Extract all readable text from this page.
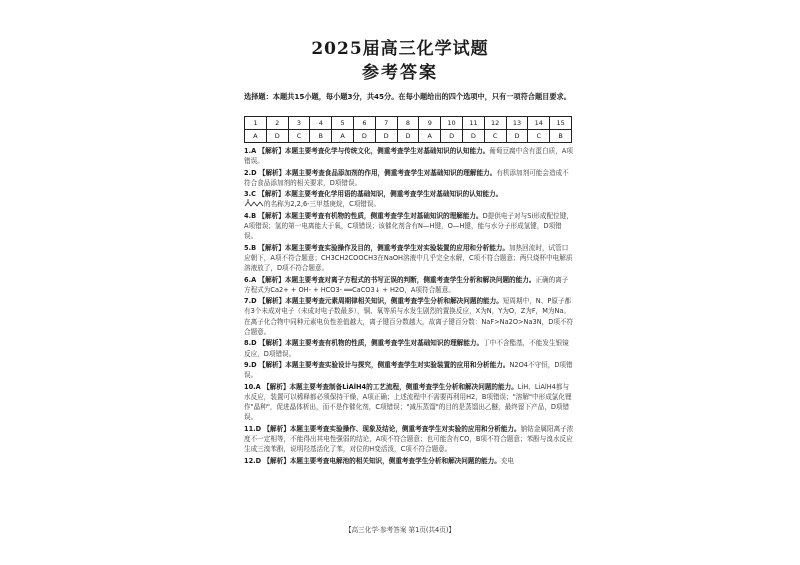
2025届高三化学试题
参考答案
选择题：本题共15小题，每小题3分，共45分。在每小题给出的四个选项中，只有一项符合题目要求。
1	2	3	4	5	6	7	8	9	10	11	12	13	14	15
A	D	C	B	A	D	D	D	A	D	D	C	D	C	B
1.A 【解析】本题主要考查化学与传统文化，侧重考查学生对基础知识的认知能力。葡萄豆腐中含有蛋白质，A项错误。
2.D 【解析】本题主要考查食品添加剂的作用，侧重考查学生对基础知识的理解能力。有机添加剂可能会造成不符合食品添加剂的相关要求，D项错误。
3.C 【解析】本题主要考查化学用语的基础知识，侧重考查学生对基础知识的认知能力。
的名称为2,2,6-三甲基庚烷，C项错误。
4.B 【解析】本题主要考查有机物的性质，侧重考查学生对基础知识的理解能力。D提供电子对与Si形成配位键，A项错误；氢的第一电离能大于氧，C项错误；该催化剂含有N—H键，O—H键，能与水分子形成氢键，D项错误。
5.B 【解析】本题主要考查实验操作及目的，侧重考查学生对实验装置的应用和分析能力。加热回流时，试管口应朝下，A项不符合题意；CH3CH2COOCH3在NaOH溶液中几乎完全水解，C项不符合题意；两只烧杯中电解质溶液放了，D项不符合题意。
6.A 【解析】本题主要考查对离子方程式的书写正误的判断，侧重考查学生分析和解决问题的能力。正确的离子方程式为Ca2+ + OH- + HCO3- ══CaCO3↓ + H2O，A项符合题意。
7.D 【解析】本题主要考查元素周期律相关知识，侧重考查学生分析和解决问题的能力。短周期中，N、P原子都有3个未成对电子（未成对电子数最多），铜、氧等质与水发生剧烈的置换反应，X为N，Y为O，Z为F，M为Na。在离子化合物中同种元素电负性差值越大，离子键百分数越大，故离子键百分数：NaF>Na2O>Na3N，D项不符合题意。
8.D 【解析】本题主要考查有机物的性质，侧重考查学生对基础知识的理解能力。丁中不含酯基，不能发生银镜反应，D项错误。
9.D 【解析】本题主要考查实验设计与探究，侧重考查学生对实验装置的应用和分析能力。N2O4不守恒，D项错误。
10.A 【解析】本题主要考查制备LiAlH4的工艺流程，侧重考查学生分析和解决问题的能力。LiH、LiAlH4都与水反应，装置可以稀释都必须保持干燥，A项正确；上述流程中不需要再利用H2，B项错误；"溶解"中形成氯化锂作"晶种"，促进晶体析出，而不是作催化剂，C项错误；"减压蒸馏"的目的是蒸馏出乙醚，最终留下产品，D项错误。
11.D 【解析】本题主要考查实验操作、现象及结论，侧重考查学生对实验的应用和分析能力。钠钴金属阳离子浓度不一定相等，不能得出其电性强弱的结论，A项不符合题意；也可能含有CO，B项不符合题意；苯酚与溴水反应生成三溴苯酚，说明羟基活化了苯，对位的H变活泼，C项不符合题意。
12.D 【解析】本题主要考查电解池的相关知识，侧重考查学生分析和解决问题的能力。充电
【高三化学·参考答案 第1页(共4页)】
